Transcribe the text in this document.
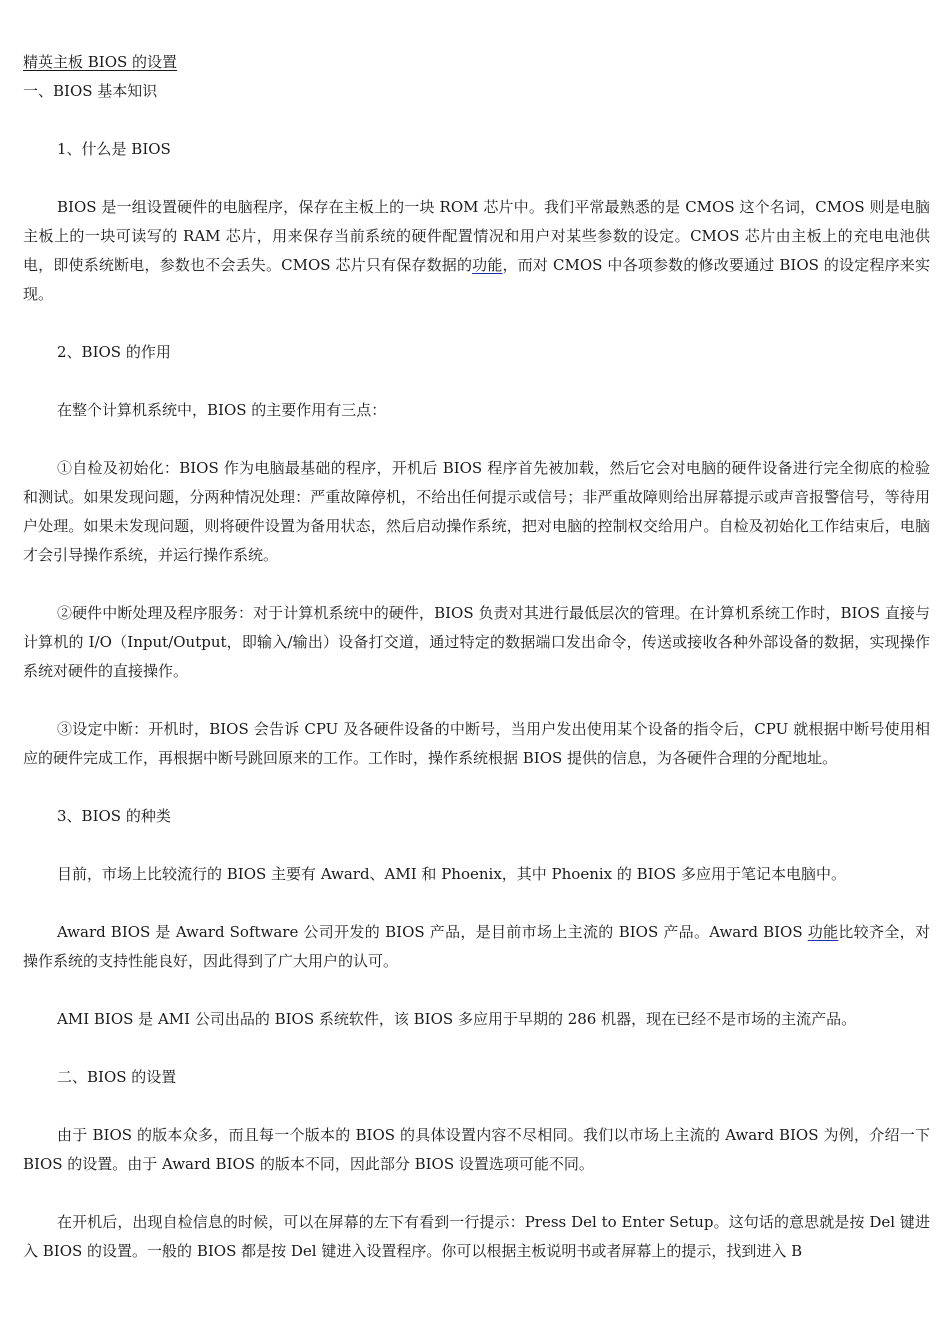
精英主板 BIOS 的设置

一、BIOS 基本知识

1、什么是 BIOS

BIOS 是一组设置硬件的电脑程序，保存在主板上的一块 ROM 芯片中。我们平常最熟悉的是 CMOS 这个名词，CMOS 则是电脑主板上的一块可读写的 RAM 芯片，用来保存当前系统的硬件配置情况和用户对某些参数的设定。CMOS 芯片由主板上的充电电池供电，即使系统断电，参数也不会丢失。CMOS 芯片只有保存数据的功能，而对 CMOS 中各项参数的修改要通过 BIOS 的设定程序来实现。

2、BIOS 的作用

在整个计算机系统中，BIOS 的主要作用有三点：

①自检及初始化：BIOS 作为电脑最基础的程序，开机后 BIOS 程序首先被加载，然后它会对电脑的硬件设备进行完全彻底的检验和测试。如果发现问题，分两种情况处理：严重故障停机，不给出任何提示或信号；非严重故障则给出屏幕提示或声音报警信号，等待用户处理。如果未发现问题，则将硬件设置为备用状态，然后启动操作系统，把对电脑的控制权交给用户。自检及初始化工作结束后，电脑才会引导操作系统，并运行操作系统。

②硬件中断处理及程序服务：对于计算机系统中的硬件，BIOS 负责对其进行最低层次的管理。在计算机系统工作时，BIOS 直接与计算机的 I/O（Input/Output，即输入/输出）设备打交道，通过特定的数据端口发出命令，传送或接收各种外部设备的数据，实现操作系统对硬件的直接操作。

③设定中断：开机时，BIOS 会告诉 CPU 及各硬件设备的中断号，当用户发出使用某个设备的指令后，CPU 就根据中断号使用相应的硬件完成工作，再根据中断号跳回原来的工作。工作时，操作系统根据 BIOS 提供的信息，为各硬件合理的分配地址。

3、BIOS 的种类

目前，市场上比较流行的 BIOS 主要有 Award、AMI 和 Phoenix，其中 Phoenix 的 BIOS 多应用于笔记本电脑中。

Award BIOS 是 Award Software 公司开发的 BIOS 产品，是目前市场上主流的 BIOS 产品。Award BIOS 功能比较齐全，对操作系统的支持性能良好，因此得到了广大用户的认可。

AMI BIOS 是 AMI 公司出品的 BIOS 系统软件，该 BIOS 多应用于早期的 286 机器，现在已经不是市场的主流产品。

二、BIOS 的设置

由于 BIOS 的版本众多，而且每一个版本的 BIOS 的具体设置内容不尽相同。我们以市场上主流的 Award BIOS 为例，介绍一下 BIOS 的设置。由于 Award BIOS 的版本不同，因此部分 BIOS 设置选项可能不同。

在开机后，出现自检信息的时候，可以在屏幕的左下有看到一行提示：Press Del to Enter Setup。这句话的意思就是按 Del 键进入 BIOS 的设置。一般的 BIOS 都是按 Del 键进入设置程序。你可以根据主板说明书或者屏幕上的提示，找到进入 B
